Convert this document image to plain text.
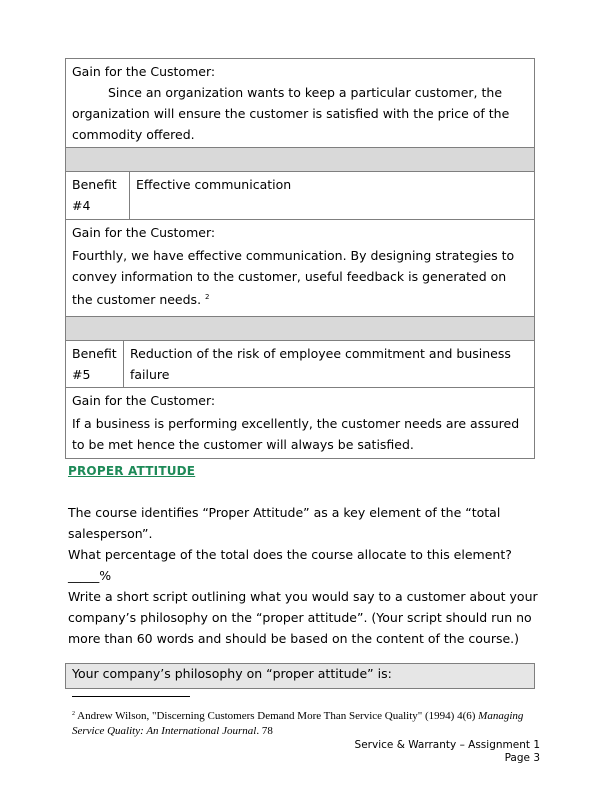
Gain for the Customer:
Since an organization wants to keep a particular customer, the organization will ensure the customer is satisfied with the price of the commodity offered.

Benefit #4	Effective communication

Gain for the Customer:
Fourthly, we have effective communication. By designing strategies to convey information to the customer, useful feedback is generated on the customer needs. $^2$

Benefit #5	Reduction of the risk of employee commitment and business failure

Gain for the Customer:
If a business is performing excellently, the customer needs are assured to be met hence the customer will always be satisfied.
PROPER ATTITUDE

The course identifies “Proper Attitude” as a key element of the “total salesperson”.

What percentage of the total does the course allocate to this element? _____%

Write a short script outlining what you would say to a customer about your company’s philosophy on the “proper attitude”. (Your script should run no more than 60 words and should be based on the content of the course.)

Your company’s philosophy on “proper attitude” is:

$^2$ Andrew Wilson, "Discerning Customers Demand More Than Service Quality" (1994) 4(6) Managing Service Quality: An International Journal. 78

Service & Warranty – Assignment 1
Page 3
